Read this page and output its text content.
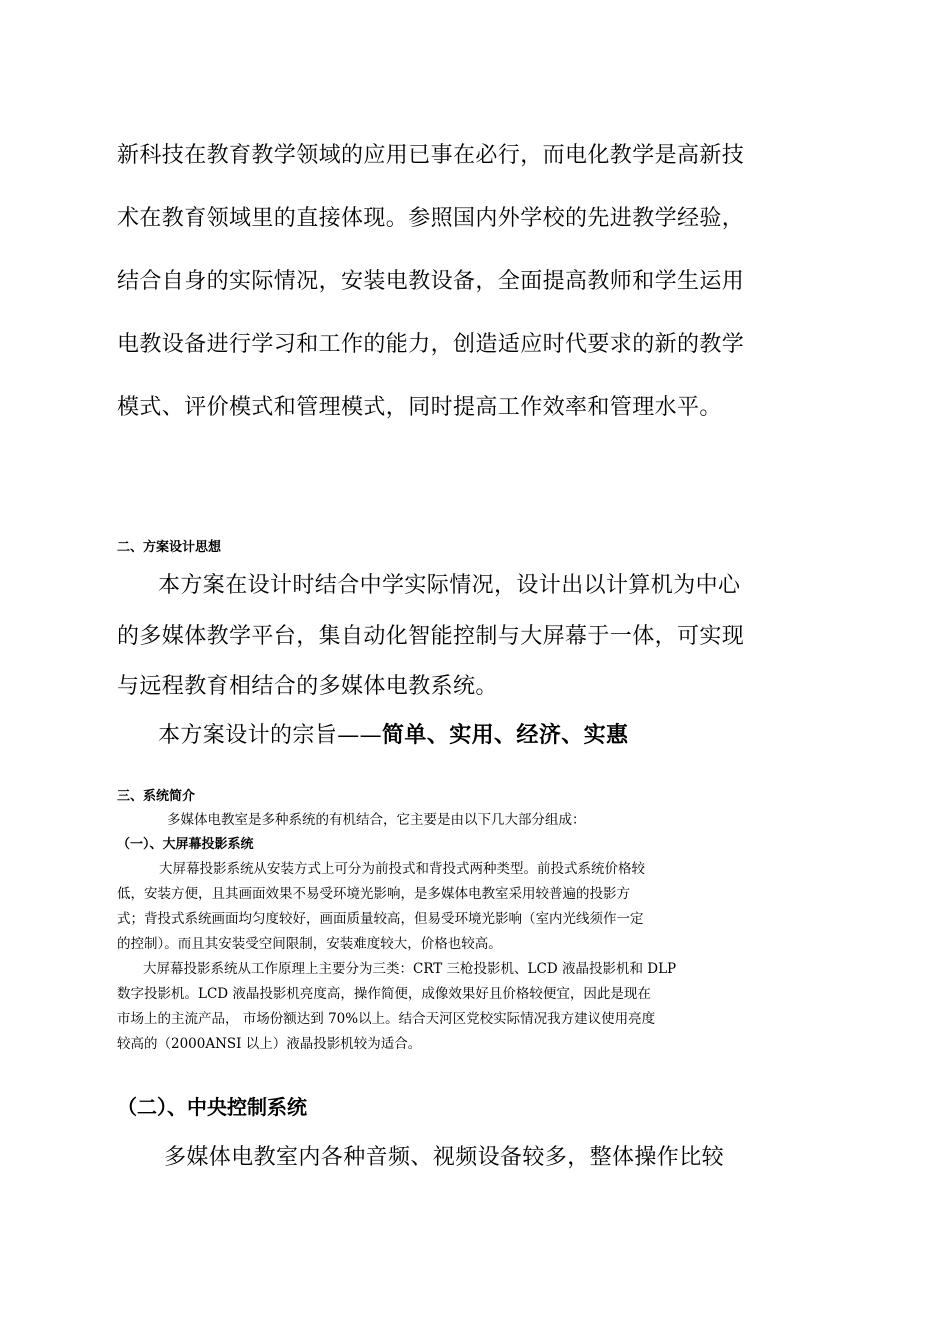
新科技在教育教学领域的应用已事在必行，而电化教学是高新技
术在教育领域里的直接体现。参照国内外学校的先进教学经验，
结合自身的实际情况，安装电教设备，全面提高教师和学生运用
电教设备进行学习和工作的能力，创造适应时代要求的新的教学
模式、评价模式和管理模式，同时提高工作效率和管理水平。
二、方案设计思想
本方案在设计时结合中学实际情况，设计出以计算机为中心
的多媒体教学平台，集自动化智能控制与大屏幕于一体，可实现
与远程教育相结合的多媒体电教系统。
本方案设计的宗旨——简单、实用、经济、实惠
三、系统简介
多媒体电教室是多种系统的有机结合，它主要是由以下几大部分组成：
（一）、大屏幕投影系统
大屏幕投影系统从安装方式上可分为前投式和背投式两种类型。前投式系统价格较
低，安装方便，且其画面效果不易受环境光影响，是多媒体电教室采用较普遍的投影方
式；背投式系统画面均匀度较好，画面质量较高，但易受环境光影响（室内光线须作一定
的控制）。而且其安装受空间限制，安装难度较大，价格也较高。
大屏幕投影系统从工作原理上主要分为三类：CRT 三枪投影机、LCD 液晶投影机和 DLP
数字投影机。LCD 液晶投影机亮度高，操作简便，成像效果好且价格较便宜，因此是现在
市场上的主流产品， 市场份额达到 70%以上。结合天河区党校实际情况我方建议使用亮度
较高的（2000ANSI 以上）液晶投影机较为适合。
（二）、中央控制系统
多媒体电教室内各种音频、视频设备较多，整体操作比较
